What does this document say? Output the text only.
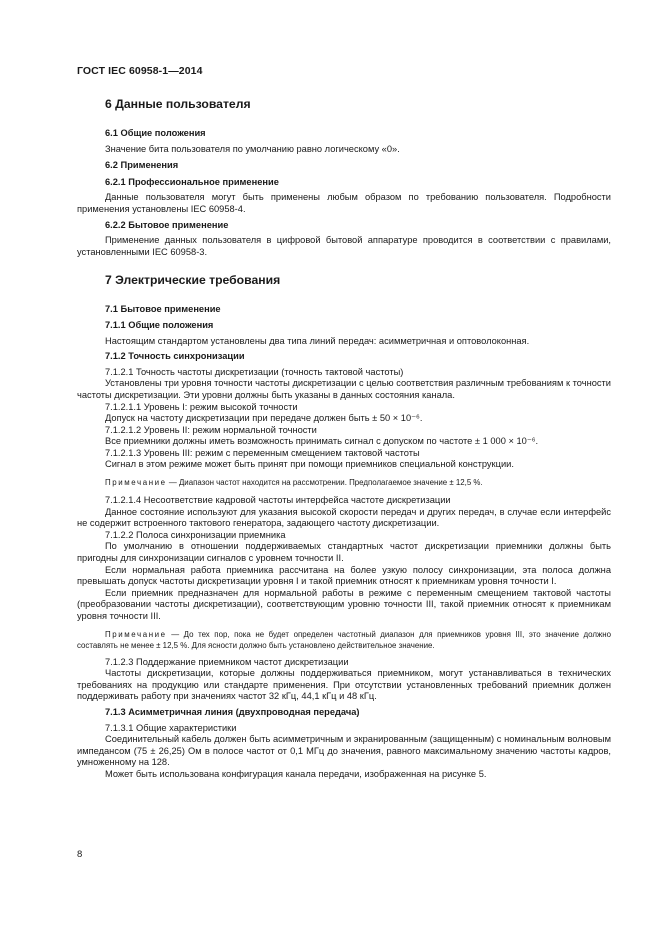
ГОСТ IEC 60958-1—2014
6 Данные пользователя
6.1 Общие положения
Значение бита пользователя по умолчанию равно логическому «0».
6.2 Применения
6.2.1 Профессиональное применение
Данные пользователя могут быть применены любым образом по требованию пользователя. Подробности применения установлены IEC 60958-4.
6.2.2 Бытовое применение
Применение данных пользователя в цифровой бытовой аппаратуре проводится в соответствии с правилами, установленными IEC 60958-3.
7 Электрические требования
7.1 Бытовое применение
7.1.1 Общие положения
Настоящим стандартом установлены два типа линий передач: асимметричная и оптоволоконная.
7.1.2 Точность синхронизации
7.1.2.1 Точность частоты дискретизации (точность тактовой частоты)
Установлены три уровня точности частоты дискретизации с целью соответствия различным требованиям к точности частоты дискретизации. Эти уровни должны быть указаны в данных состояния канала.
7.1.2.1.1 Уровень I: режим высокой точности
Допуск на частоту дискретизации при передаче должен быть ± 50 × 10⁻⁶.
7.1.2.1.2 Уровень II: режим нормальной точности
Все приемники должны иметь возможность принимать сигнал с допуском по частоте ± 1 000 × 10⁻⁶.
7.1.2.1.3 Уровень III: режим с переменным смещением тактовой частоты
Сигнал в этом режиме может быть принят при помощи приемников специальной конструкции.
Примечание — Диапазон частот находится на рассмотрении. Предполагаемое значение ± 12,5 %.
7.1.2.1.4 Несоответствие кадровой частоты интерфейса частоте дискретизации
Данное состояние используют для указания высокой скорости передач и других передач, в случае если интерфейс не содержит встроенного тактового генератора, задающего частоту дискретизации.
7.1.2.2 Полоса синхронизации приемника
По умолчанию в отношении поддерживаемых стандартных частот дискретизации приемники должны быть пригодны для синхронизации сигналов с уровнем точности II.
Если нормальная работа приемника рассчитана на более узкую полосу синхронизации, эта полоса должна превышать допуск частоты дискретизации уровня I и такой приемник относят к приемникам уровня точности I.
Если приемник предназначен для нормальной работы в режиме с переменным смещением тактовой частоты (преобразовании частоты дискретизации), соответствующим уровню точности III, такой приемник относят к приемникам уровня точности III.
Примечание — До тех пор, пока не будет определен частотный диапазон для приемников уровня III, это значение должно составлять не менее ± 12,5 %. Для ясности должно быть установлено действительное значение.
7.1.2.3 Поддержание приемником частот дискретизации
Частоты дискретизации, которые должны поддерживаться приемником, могут устанавливаться в технических требованиях на продукцию или стандарте применения. При отсутствии установленных требований приемник должен поддерживать работу при значениях частот 32 кГц, 44,1 кГц и 48 кГц.
7.1.3 Асимметричная линия (двухпроводная передача)
7.1.3.1 Общие характеристики
Соединительный кабель должен быть асимметричным и экранированным (защищенным) с номинальным волновым импедансом (75 ± 26,25) Ом в полосе частот от 0,1 МГц до значения, равного максимальному значению частоты кадров, умноженному на 128.
Может быть использована конфигурация канала передачи, изображенная на рисунке 5.
8
